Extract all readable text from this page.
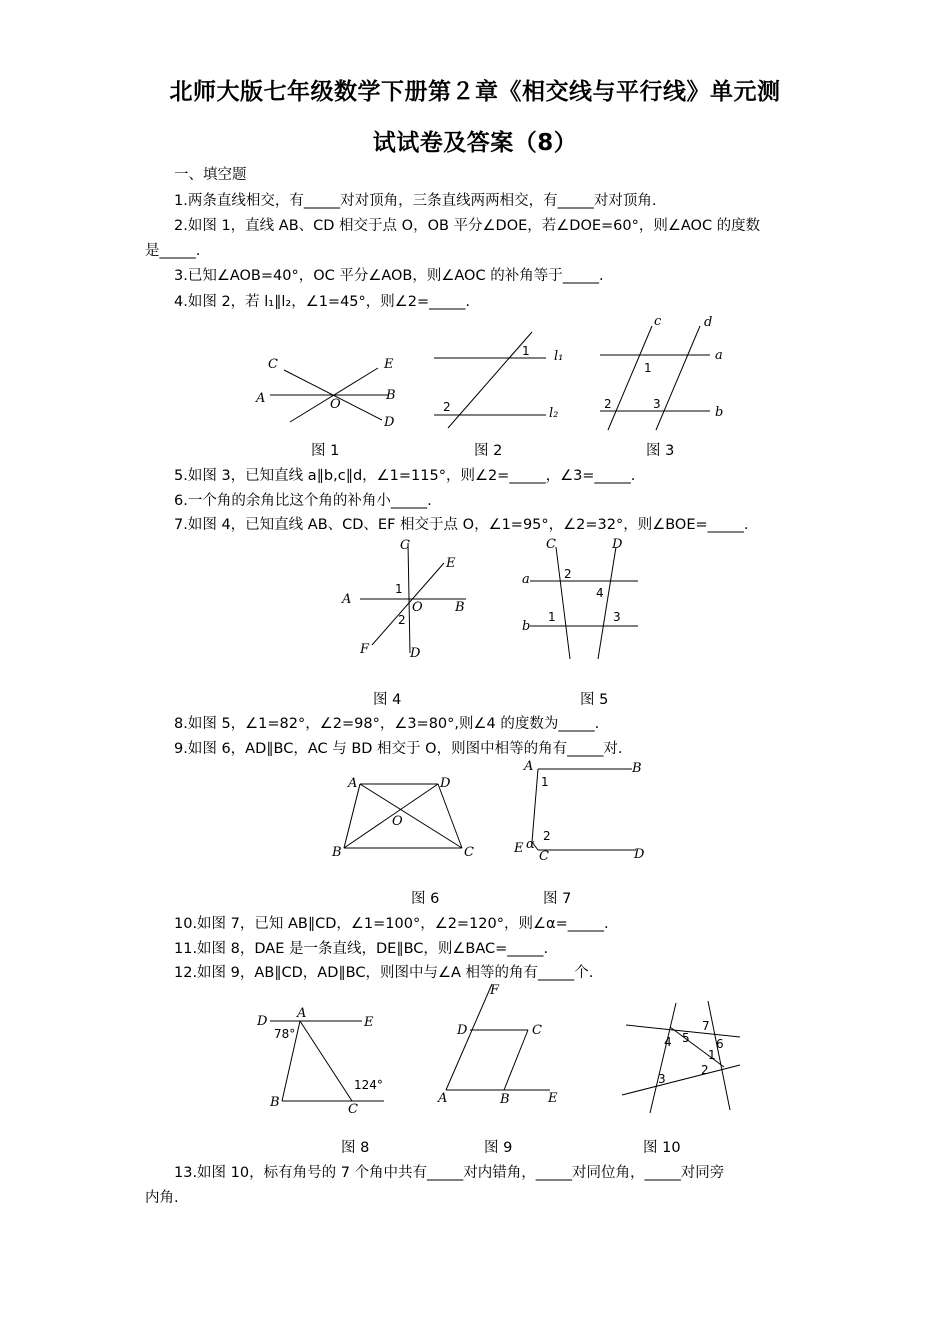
北师大版七年级数学下册第２章《相交线与平行线》单元测
试试卷及答案（8）
一、填空题
1.两条直线相交，有_____对对顶角，三条直线两两相交，有_____对对顶角.
2.如图 1，直线 AB、CD 相交于点 O，OB 平分∠DOE，若∠DOE=60°，则∠AOC 的度数
是_____.
3.已知∠AOB=40°，OC 平分∠AOB，则∠AOC 的补角等于_____.
4.如图 2，若 l₁∥l₂，∠1=45°，则∠2=_____.
C
A	O
E
B
D
图 1
1
2
l₁
l₂
图 2
c	d
a
b
1
2	3
图 3
5.如图 3，已知直线 a∥b,c∥d，∠1=115°，则∠2=_____，∠3=_____.
6.一个角的余角比这个角的补角小_____.
7.如图 4，已知直线 AB、CD、EF 相交于点 O，∠1=95°，∠2=32°，则∠BOE=_____.
C
E
A
B
O
F	D
1
2
图 4
C	D
a
b
2
4
1	3
图 5
8.如图 5，∠1=82°，∠2=98°，∠3=80°,则∠4 的度数为_____.
9.如图 6，AD∥BC，AC 与 BD 相交于 O，则图中相等的角有_____对.
A	D
B	C
O
图 6
A	B
1
2
E α
C	D
图 7
10.如图 7，已知 AB∥CD，∠1=100°，∠2=120°，则∠α=_____.
11.如图 8，DAE 是一条直线，DE∥BC，则∠BAC=_____.
12.如图 9，AB∥CD，AD∥BC，则图中与∠A 相等的角有_____个.
D
A
E
78°
124°
B	C
图 8
F
D	C
A	B	E
图 9
7
4 5 6
1
2
3
图 10
13.如图 10，标有角号的 7 个角中共有_____对内错角，_____对同位角，_____对同旁
内角.
